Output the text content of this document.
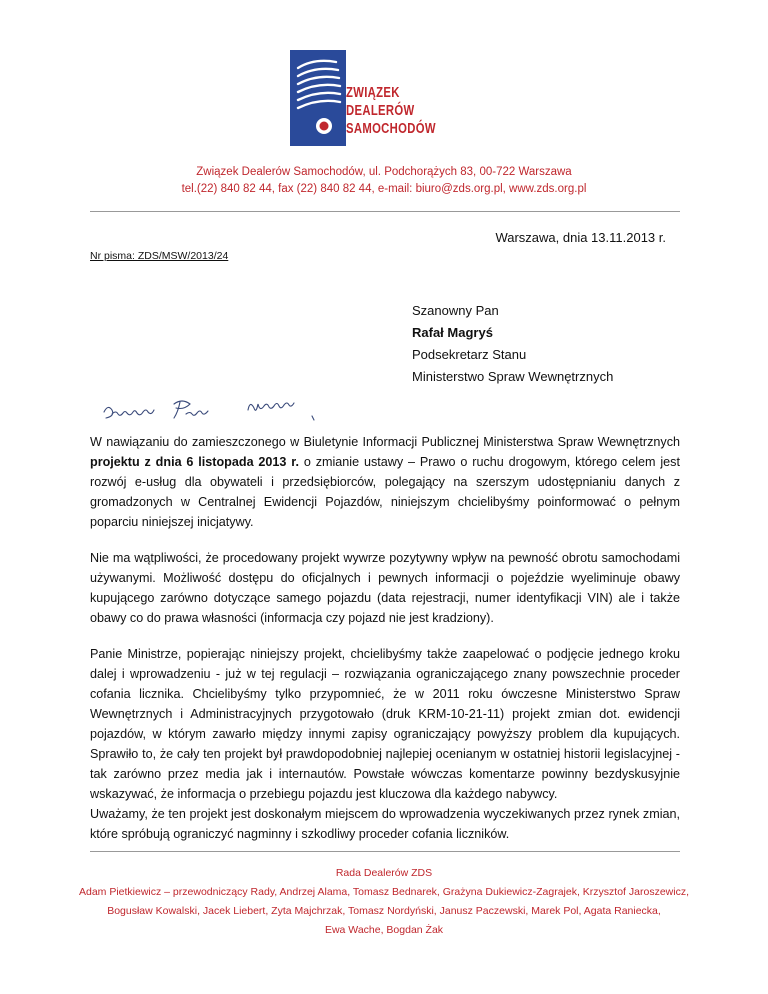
ZWIĄZEK
DEALERÓW
SAMOCHODÓW
Związek Dealerów Samochodów, ul. Podchorążych 83, 00-722 Warszawa
tel.(22) 840 82 44, fax (22) 840 82 44, e-mail: biuro@zds.org.pl, www.zds.org.pl
Warszawa, dnia 13.11.2013 r.
Nr pisma: ZDS/MSW/2013/24
Szanowny Pan
Rafał Magryś
Podsekretarz Stanu
Ministerstwo Spraw Wewnętrznych

W nawiązaniu do zamieszczonego w Biuletynie Informacji Publicznej Ministerstwa Spraw Wewnętrznych projektu z dnia 6 listopada 2013 r. o zmianie ustawy – Prawo o ruchu drogowym, którego celem jest rozwój e-usług dla obywateli i przedsiębiorców, polegający na szerszym udostępnianiu danych z gromadzonych w Centralnej Ewidencji Pojazdów, niniejszym chcielibyśmy poinformować o pełnym poparciu niniejszej inicjatywy.

Nie ma wątpliwości, że procedowany projekt wywrze pozytywny wpływ na pewność obrotu samochodami używanymi. Możliwość dostępu do oficjalnych i pewnych informacji o pojeździe wyeliminuje obawy kupującego zarówno dotyczące samego pojazdu (data rejestracji, numer identyfikacji VIN) ale i także obawy co do prawa własności (informacja czy pojazd nie jest kradziony).

Panie Ministrze, popierając niniejszy projekt, chcielibyśmy także zaapelować o podjęcie jednego kroku dalej i wprowadzeniu - już w tej regulacji – rozwiązania ograniczającego znany powszechnie proceder cofania licznika. Chcielibyśmy tylko przypomnieć, że w 2011 roku ówczesne Ministerstwo Spraw Wewnętrznych i Administracyjnych przygotowało (druk KRM-10-21-11) projekt zmian dot. ewidencji pojazdów, w którym zawarło między innymi zapisy ograniczający powyższy problem dla kupujących. Sprawiło to, że cały ten projekt był prawdopodobniej najlepiej ocenianym w ostatniej historii legislacyjnej - tak zarówno przez media jak i internautów. Powstałe wówczas komentarze powinny bezdyskusyjnie wskazywać, że informacja o przebiegu pojazdu jest kluczowa dla każdego nabywcy.

Uważamy, że ten projekt jest doskonałym miejscem do wprowadzenia wyczekiwanych przez rynek zmian, które spróbują ograniczyć nagminny i szkodliwy proceder cofania liczników.

Rada Dealerów ZDS
Adam Pietkiewicz – przewodniczący Rady, Andrzej Alama, Tomasz Bednarek, Grażyna Dukiewicz-Zagrajek, Krzysztof Jaroszewicz,
Bogusław Kowalski, Jacek Liebert, Zyta Majchrzak, Tomasz Nordyński, Janusz Paczewski, Marek Pol, Agata Raniecka,
Ewa Wache, Bogdan Żak
